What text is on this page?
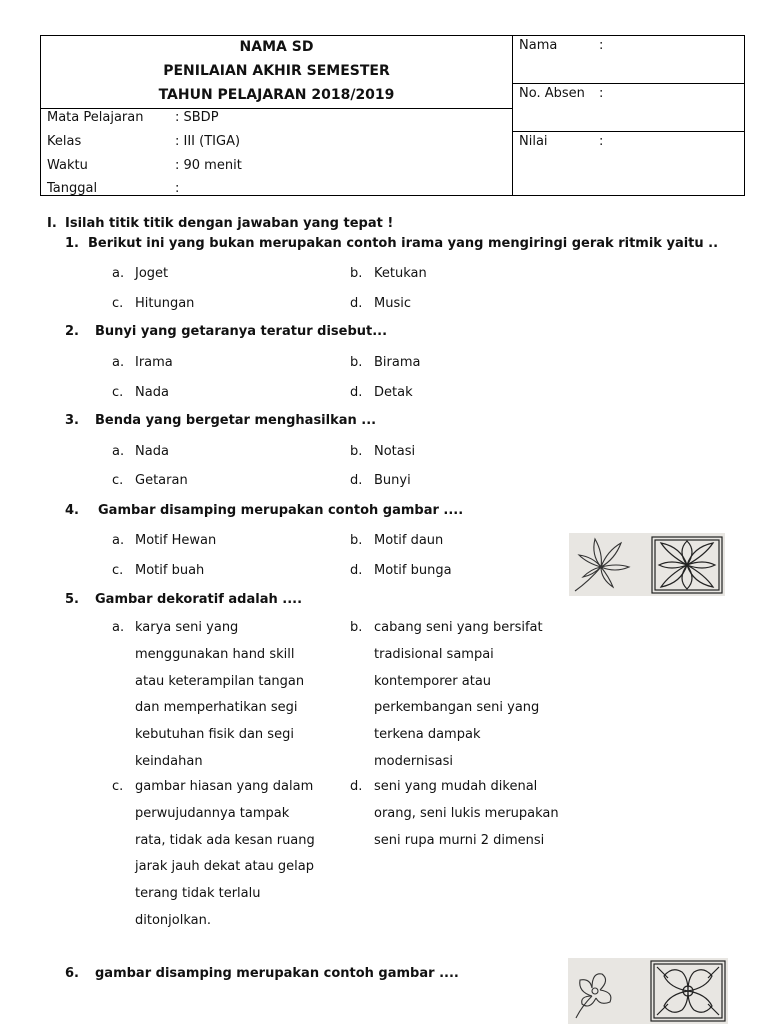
NAMA SD
PENILAIAN AKHIR SEMESTER
TAHUN PELAJARAN 2018/2019
Mata Pelajaran	: SBDP
Kelas	: III (TIGA)
Waktu	: 90 menit
Tanggal	:
Nama	:
No. Absen :
Nilai	:
I. Isilah titik titik dengan jawaban yang tepat !
1. Berikut ini yang bukan merupakan contoh irama yang mengiringi gerak ritmik yaitu ..
a. Joget	b. Ketukan
c. Hitungan	d. Music
2. Bunyi yang getaranya teratur disebut...
a. Irama	b. Birama
c. Nada	d. Detak
3. Benda yang bergetar menghasilkan ...
a. Nada	b. Notasi
c. Getaran	d. Bunyi
4. Gambar disamping merupakan contoh gambar ....
a. Motif Hewan	b. Motif daun
c. Motif buah	d. Motif bunga
5. Gambar dekoratif adalah ....
a. karya seni yang
menggunakan hand skill
atau keterampilan tangan
dan memperhatikan segi
kebutuhan fisik dan segi
keindahan
b. cabang seni yang bersifat
tradisional sampai
kontemporer atau
perkembangan seni yang
terkena dampak
modernisasi
c. gambar hiasan yang dalam
perwujudannya tampak
rata, tidak ada kesan ruang
jarak jauh dekat atau gelap
terang tidak terlalu
ditonjolkan.
d. seni yang mudah dikenal
orang, seni lukis merupakan
seni rupa murni 2 dimensi
6. gambar disamping merupakan contoh gambar ....
